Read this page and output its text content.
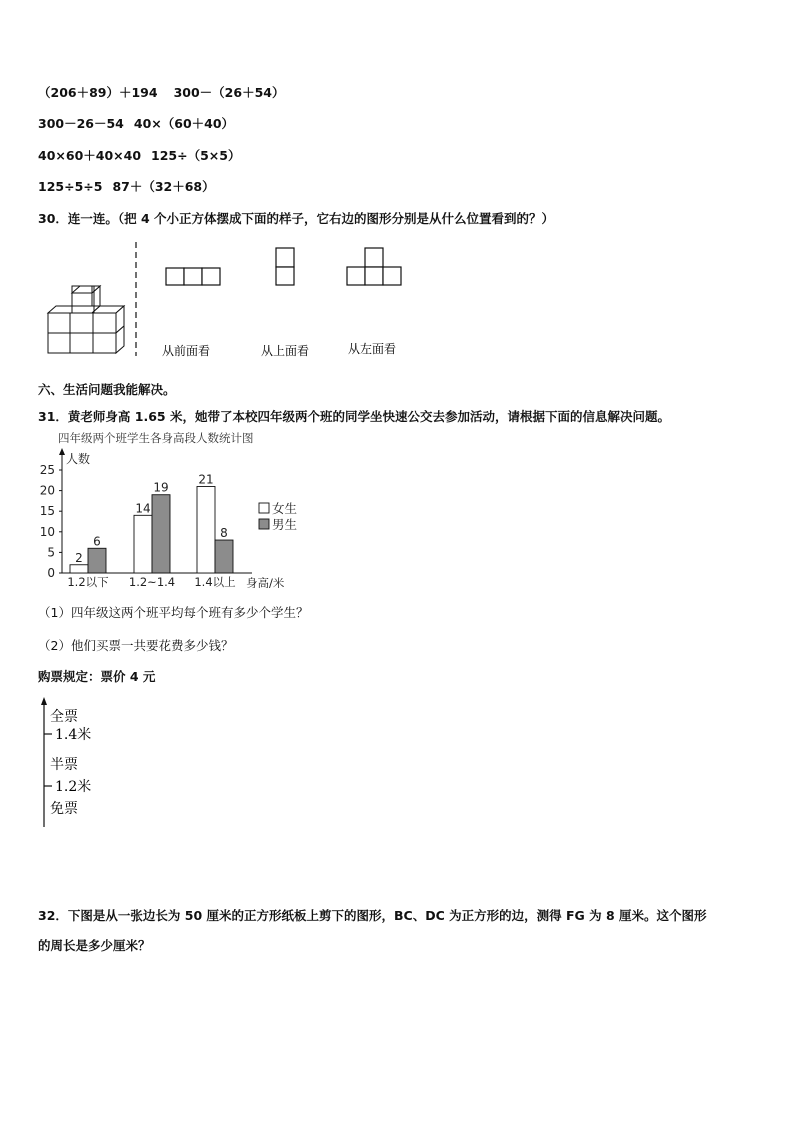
（206＋89）＋194 300－（26＋54）
300－26－54 40×（60＋40）
40×60＋40×40 125÷（5×5）
125÷5÷5 87＋（32＋68）
30．连一连。（把 4 个小正方体摆成下面的样子，它右边的图形分别是从什么位置看到的？）
从前面看	从上面看	从左面看
六、生活问题我能解决。
31．黄老师身高 1.65 米，她带了本校四年级两个班的同学坐快速公交去参加活动，请根据下面的信息解决问题。
四年级两个班学生各身高段人数统计图
人数
身高/米
0
5
10
15
20
25
2
6
1.2以下
14
19
1.2~1.4
21
8
1.4以上
女生
男生
（1）四年级这两个班平均每个班有多少个学生？
（2）他们买票一共要花费多少钱？
购票规定：票价 4 元
全票
1.4米
半票
1.2米
免票
32．下图是从一张边长为 50 厘米的正方形纸板上剪下的图形，BC、DC 为正方形的边，测得 FG 为 8 厘米。这个图形
的周长是多少厘米？
